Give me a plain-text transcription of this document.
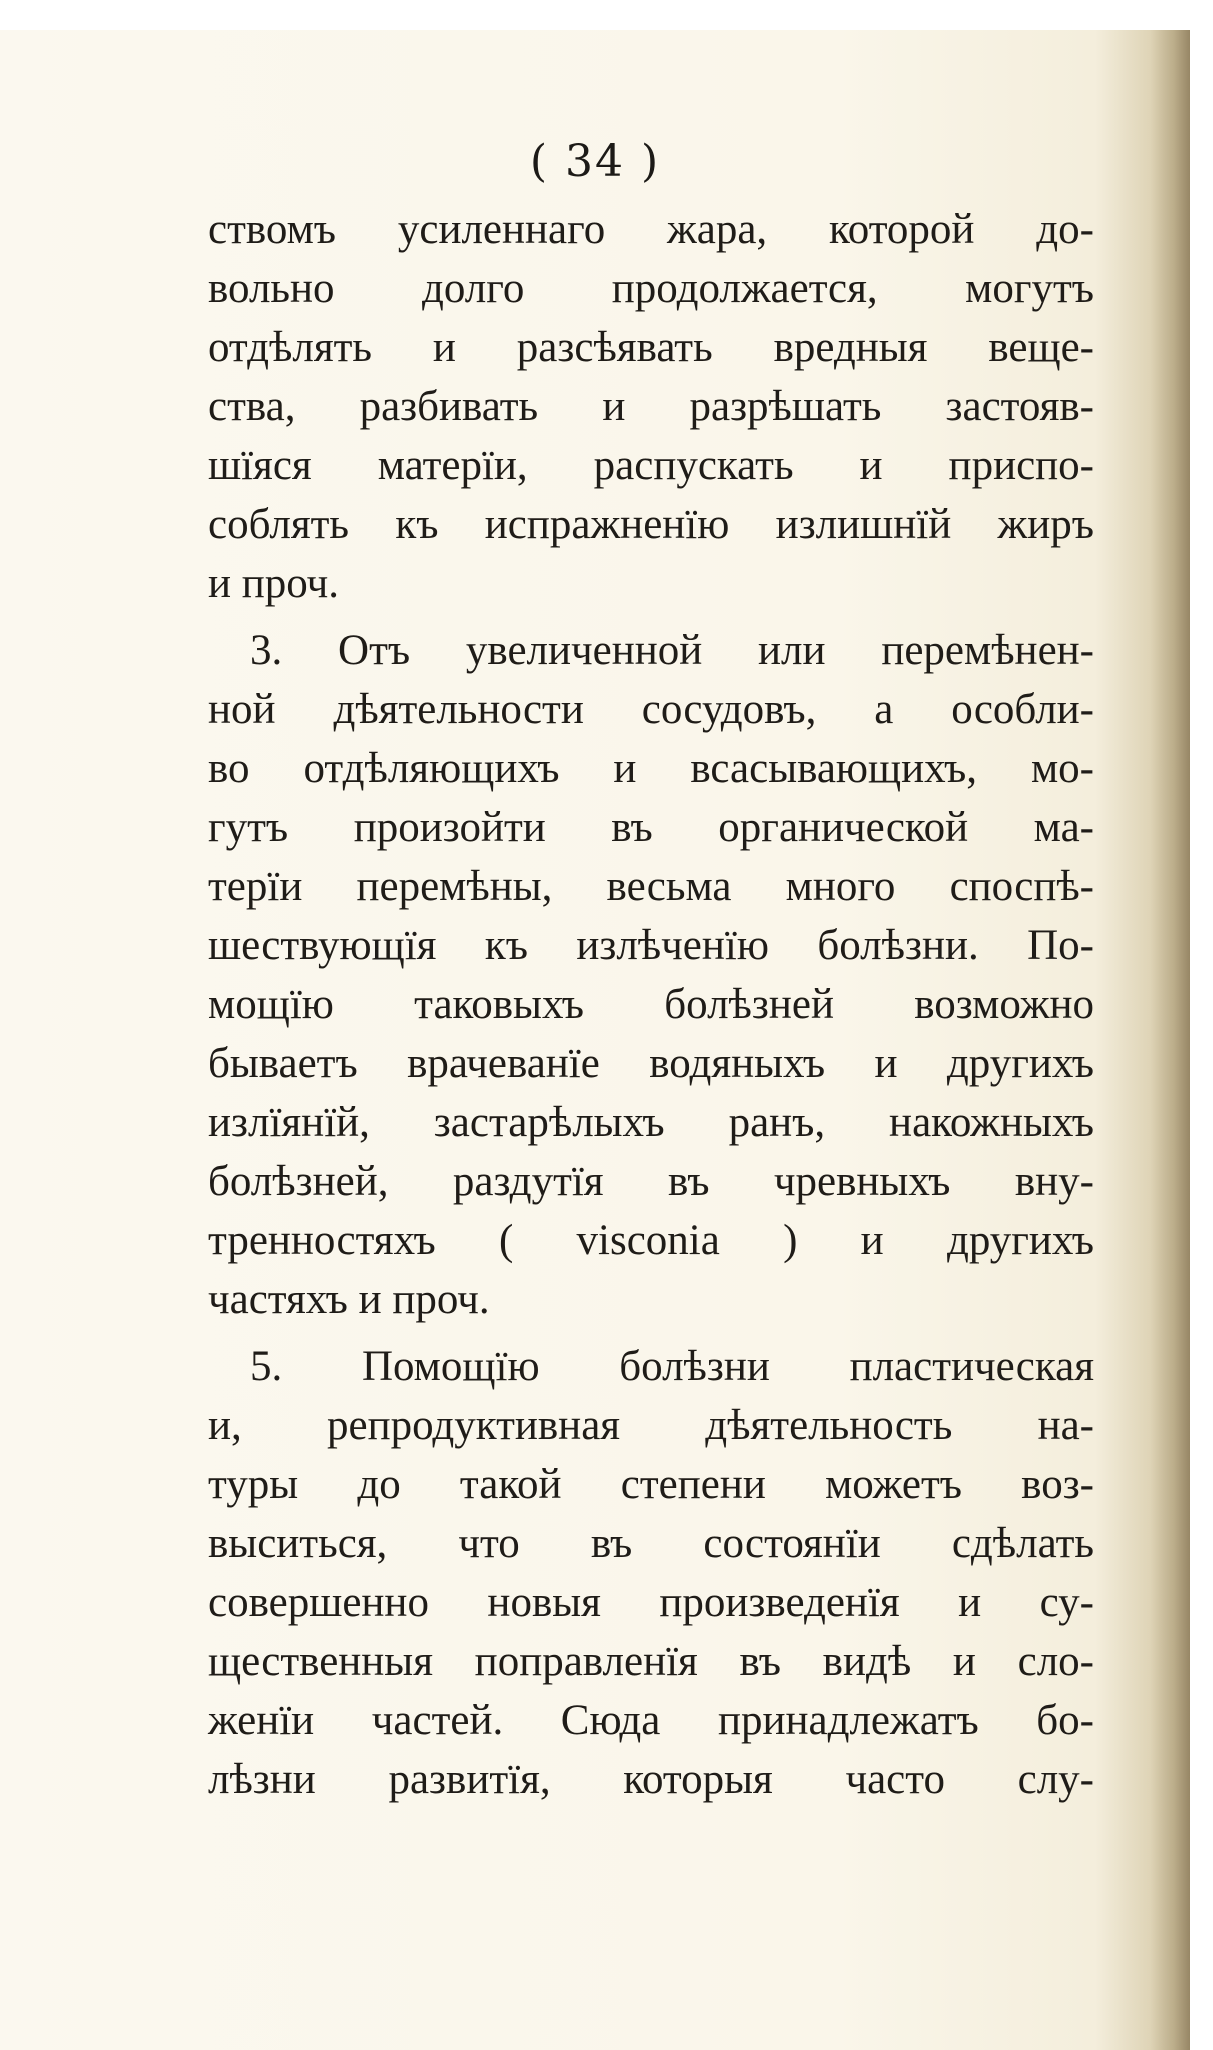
( 34 )
ствомъ усиленнаго жара, которой до-
вольно долго продолжается, могутъ
отдѣлять и разсѣявать вредныя веще-
ства, разбивать и разрѣшать застояв-
шїяся матерїи, распускать и приспо-
соблять къ испражненїю излишнїй жиръ
и проч.
3. Отъ увеличенной или перемѣнен-
ной дѣятельности сосудовъ, а особли-
во отдѣляющихъ и всасывающихъ, мо-
гутъ произойти въ органической ма-
терїи перемѣны, весьма много споспѣ-
шествующїя къ излѣченїю болѣзни. По-
мощїю таковыхъ болѣзней возможно
бываетъ врачеванїе водяныхъ и другихъ
излїянїй, застарѣлыхъ ранъ, накожныхъ
болѣзней, раздутїя въ чревныхъ вну-
тренностяхъ ( visconia ) и другихъ
частяхъ и проч.
5. Помощїю болѣзни пластическая
и, репродуктивная дѣятельность на-
туры до такой степени можетъ воз-
выситься, что въ состоянїи сдѣлать
совершенно новыя произведенїя и су-
щественныя поправленїя въ видѣ и сло-
женїи частей. Сюда принадлежатъ бо-
лѣзни развитїя, которыя часто слу-
